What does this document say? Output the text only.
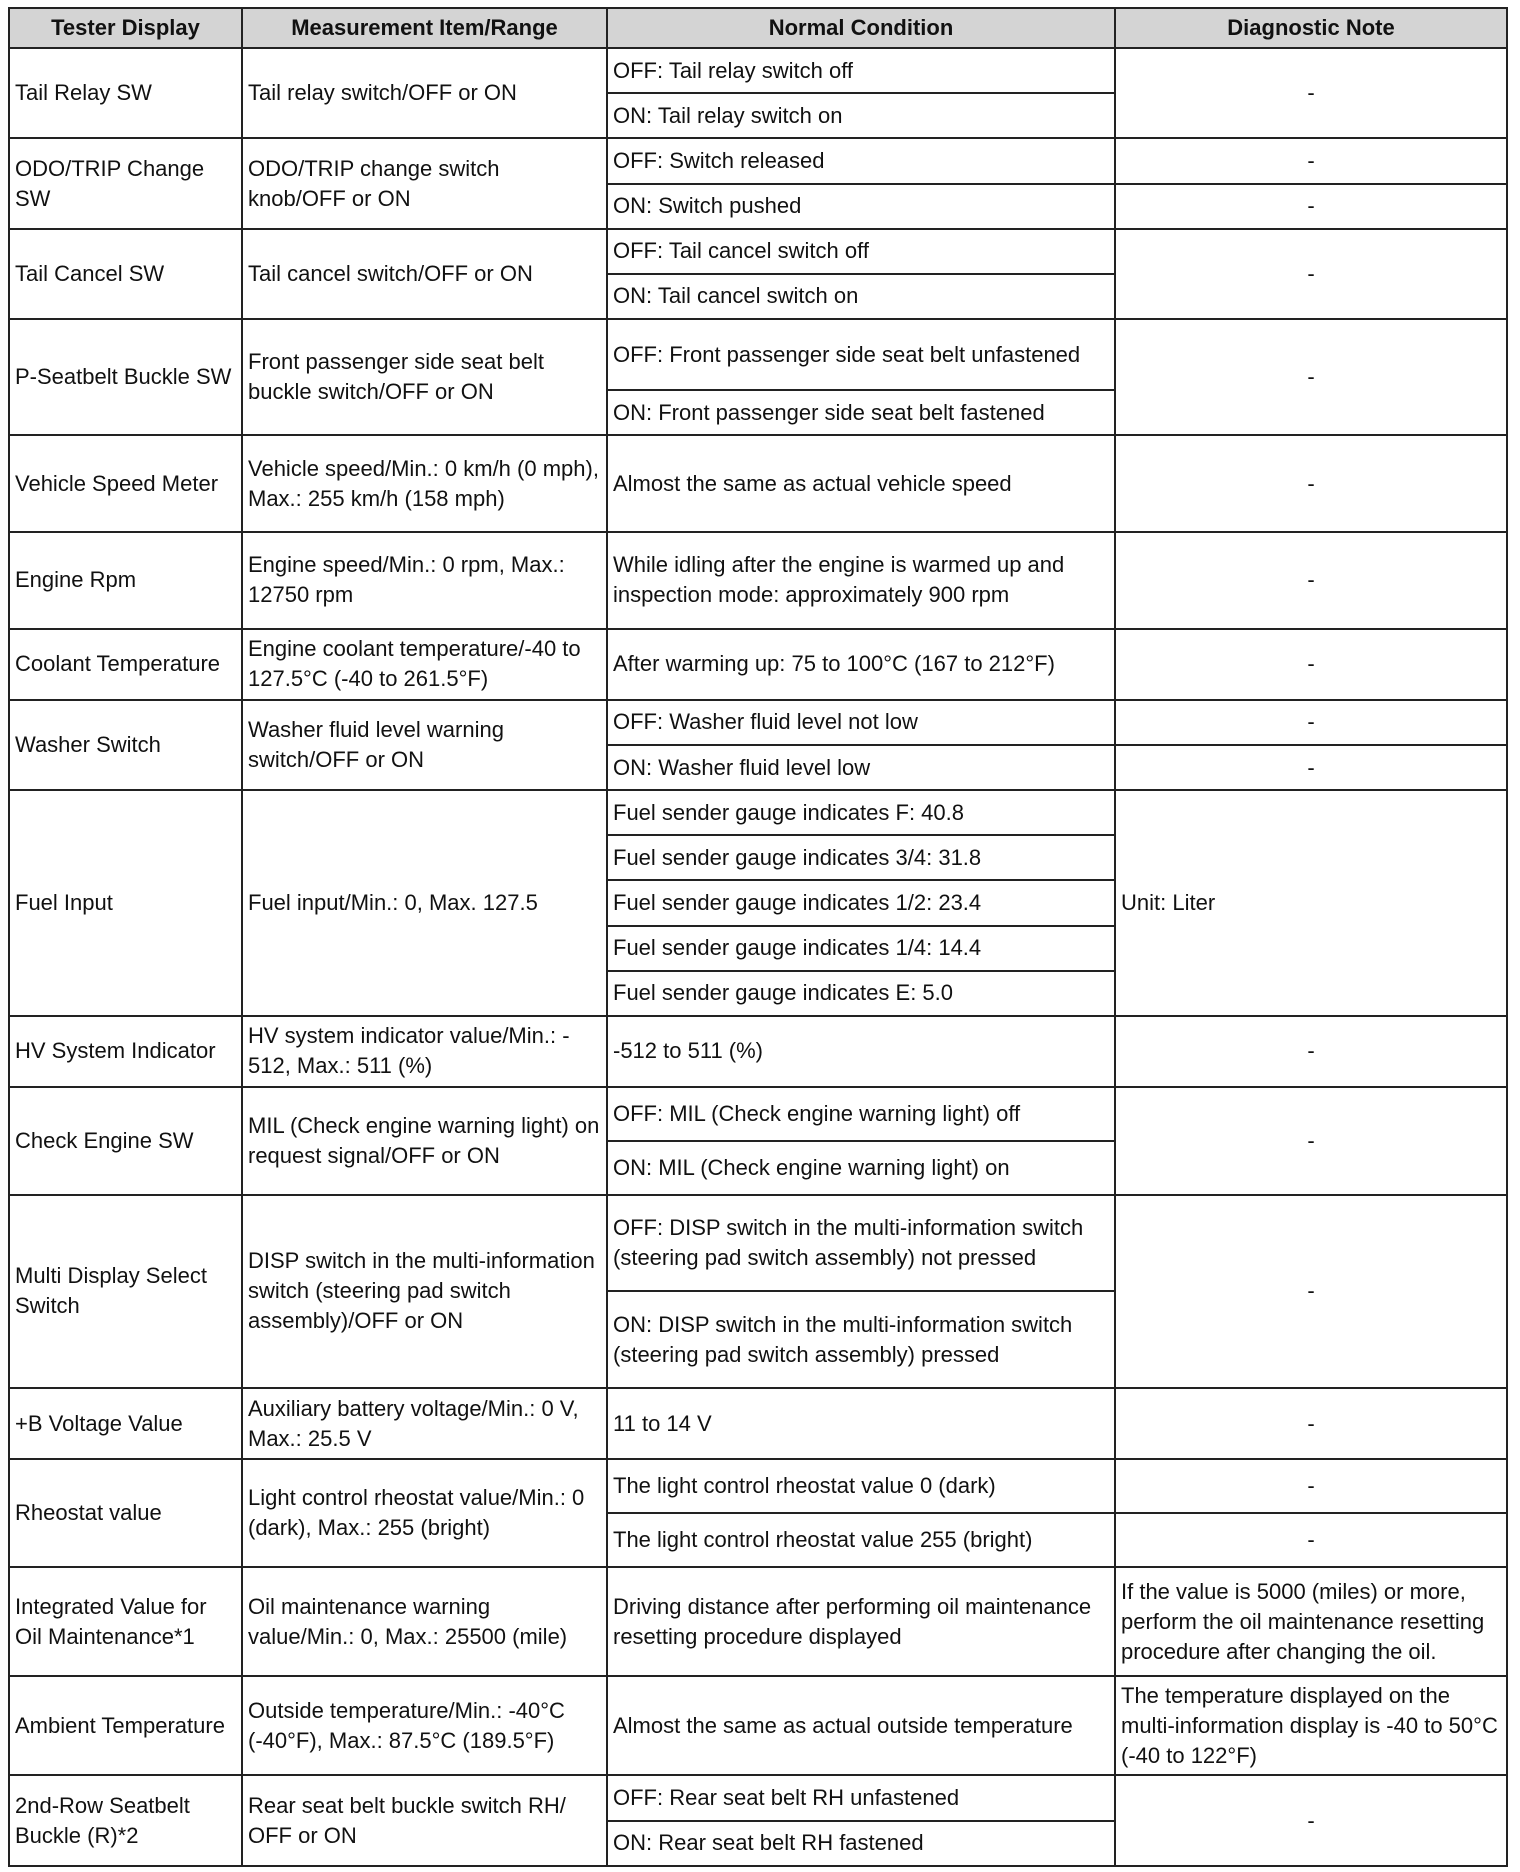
Tester Display	Measurement Item/Range	Normal Condition	Diagnostic Note
Tail Relay SW	Tail relay switch/OFF or ON	OFF: Tail relay switch off	-
		ON: Tail relay switch on	
ODO/TRIP Change SW	ODO/TRIP change switch knob/OFF or ON	OFF: Switch released	-
		ON: Switch pushed	-
Tail Cancel SW	Tail cancel switch/OFF or ON	OFF: Tail cancel switch off	-
		ON: Tail cancel switch on	
P-Seatbelt Buckle SW	Front passenger side seat belt buckle switch/OFF or ON	OFF: Front passenger side seat belt unfastened	-
		ON: Front passenger side seat belt fastened	
Vehicle Speed Meter	Vehicle speed/Min.: 0 km/h (0 mph), Max.: 255 km/h (158 mph)	Almost the same as actual vehicle speed	-
Engine Rpm	Engine speed/Min.: 0 rpm, Max.: 12750 rpm	While idling after the engine is warmed up and inspection mode: approximately 900 rpm	-
Coolant Temperature	Engine coolant temperature/-40 to 127.5°C (-40 to 261.5°F)	After warming up: 75 to 100°C (167 to 212°F)	-
Washer Switch	Washer fluid level warning switch/OFF or ON	OFF: Washer fluid level not low	-
		ON: Washer fluid level low	-
Fuel Input	Fuel input/Min.: 0, Max. 127.5	Fuel sender gauge indicates F: 40.8	Unit: Liter
		Fuel sender gauge indicates 3/4: 31.8	
		Fuel sender gauge indicates 1/2: 23.4	
		Fuel sender gauge indicates 1/4: 14.4	
		Fuel sender gauge indicates E: 5.0	
HV System Indicator	HV system indicator value/Min.: - 512, Max.: 511 (%)	-512 to 511 (%)	-
Check Engine SW	MIL (Check engine warning light) on request signal/OFF or ON	OFF: MIL (Check engine warning light) off	-
		ON: MIL (Check engine warning light) on	
Multi Display Select Switch	DISP switch in the multi-information switch (steering pad switch assembly)/OFF or ON	OFF: DISP switch in the multi-information switch (steering pad switch assembly) not pressed	-
		ON: DISP switch in the multi-information switch (steering pad switch assembly) pressed	
+B Voltage Value	Auxiliary battery voltage/Min.: 0 V, Max.: 25.5 V	11 to 14 V	-
Rheostat value	Light control rheostat value/Min.: 0 (dark), Max.: 255 (bright)	The light control rheostat value 0 (dark)	-
		The light control rheostat value 255 (bright)	-
Integrated Value for Oil Maintenance*1	Oil maintenance warning value/Min.: 0, Max.: 25500 (mile)	Driving distance after performing oil maintenance resetting procedure displayed	If the value is 5000 (miles) or more, perform the oil maintenance resetting procedure after changing the oil.
Ambient Temperature	Outside temperature/Min.: -40°C (-40°F), Max.: 87.5°C (189.5°F)	Almost the same as actual outside temperature	The temperature displayed on the multi-information display is -40 to 50°C (-40 to 122°F)
2nd-Row Seatbelt Buckle (R)*2	Rear seat belt buckle switch RH/ OFF or ON	OFF: Rear seat belt RH unfastened	-
		ON: Rear seat belt RH fastened	
